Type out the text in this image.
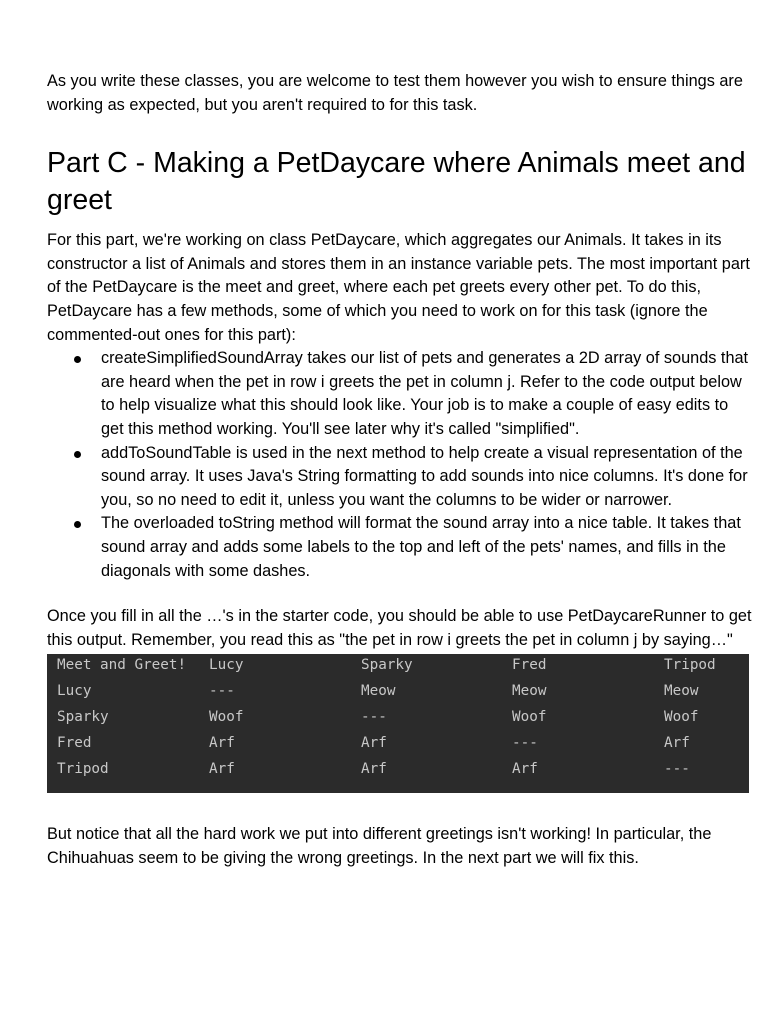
As you write these classes, you are welcome to test them however you wish to ensure things are working as expected, but you aren't required to for this task.

Part C - Making a PetDaycare where Animals meet and greet

For this part, we're working on class PetDaycare, which aggregates our Animals. It takes in its constructor a list of Animals and stores them in an instance variable pets. The most important part of the PetDaycare is the meet and greet, where each pet greets every other pet. To do this, PetDaycare has a few methods, some of which you need to work on for this task (ignore the commented-out ones for this part):

createSimplifiedSoundArray takes our list of pets and generates a 2D array of sounds that are heard when the pet in row i greets the pet in column j. Refer to the code output below to help visualize what this should look like. Your job is to make a couple of easy edits to get this method working. You'll see later why it's called "simplified".
addToSoundTable is used in the next method to help create a visual representation of the sound array. It uses Java's String formatting to add sounds into nice columns. It's done for you, so no need to edit it, unless you want the columns to be wider or narrower.
The overloaded toString method will format the sound array into a nice table. It takes that sound array and adds some labels to the top and left of the pets' names, and fills in the diagonals with some dashes.

Once you fill in all the …'s in the starter code, you should be able to use PetDaycareRunner to get this output. Remember, you read this as "the pet in row i greets the pet in column j by saying…"

Meet and Greet!	Lucy	Sparky	Fred	Tripod
Lucy	---	Meow	Meow	Meow
Sparky	Woof	---	Woof	Woof
Fred	Arf	Arf	---	Arf
Tripod	Arf	Arf	Arf	---

But notice that all the hard work we put into different greetings isn't working! In particular, the Chihuahuas seem to be giving the wrong greetings. In the next part we will fix this.
